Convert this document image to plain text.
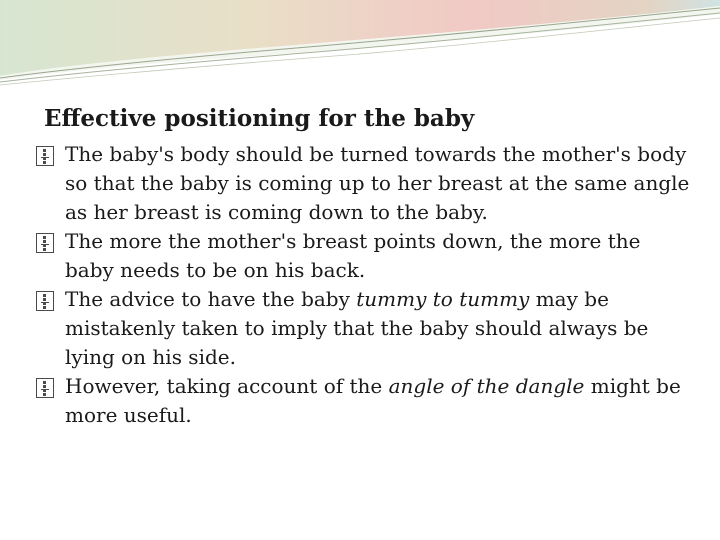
Effective positioning for the baby
The baby's body should be turned towards the mother's body so that the baby is coming up to her breast at the same angle as her breast is coming down to the baby.
The more the mother's breast points down, the more the baby needs to be on his back.
The advice to have the baby tummy to tummy may be mistakenly taken to imply that the baby should always be lying on his side.
However, taking account of the angle of the dangle might be more useful.
